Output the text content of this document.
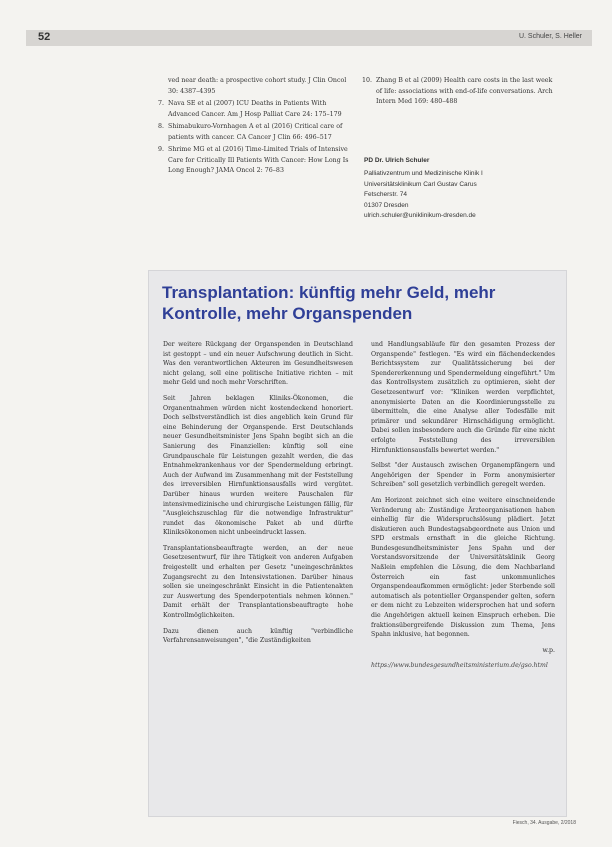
52	U. Schuler, S. Heller
ved near death: a prospective cohort study. J Clin Oncol 30: 4387–4395
7. Nava SE et al (2007) ICU Deaths in Patients With Advanced Cancer. Am J Hosp Palliat Care 24: 175–179
8. Shimabukuro-Vornhagen A et al (2016) Critical care of patients with cancer. CA Cancer J Clin 66: 496–517
9. Shrime MG et al (2016) Time-Limited Trials of Intensive Care for Critically Ill Patients With Cancer: How Long Is Long Enough? JAMA Oncol 2: 76–83
10. Zhang B et al (2009) Health care costs in the last week of life: associations with end-of-life conversations. Arch Intern Med 169: 480–488
PD Dr. Ulrich Schuler
Palliativzentrum und Medizinische Klinik I
Universitätsklinikum Carl Gustav Carus
Fetscherstr. 74
01307 Dresden
ulrich.schuler@uniklinikum-dresden.de
Transplantation: künftig mehr Geld, mehr Kontrolle, mehr Organspenden

Der weitere Rückgang der Organspenden in Deutschland ist gestoppt – und ein neuer Aufschwung deutlich in Sicht. Was den verantwortlichen Akteuren im Gesundheitswesen nicht gelang, soll eine politische Initiative richten – mit mehr Geld und noch mehr Vorschriften.

Seit Jahren beklagen Kliniks-Ökonomen, die Organentnahmen würden nicht kostendeckend honoriert. Doch selbstverständlich ist dies angeblich kein Grund für eine Behinderung der Organspende. Erst Deutschlands neuer Gesundheitsminister Jens Spahn begibt sich an die Sanierung des Finanziellen: künftig soll eine Grundpauschale für Leistungen gezahlt werden, die das Entnahmekrankenhaus vor der Spendermeldung erbringt. Auch der Aufwand im Zusammenhang mit der Feststellung des irreversiblen Hirnfunktionsausfalls wird vergütet. Darüber hinaus wurden weitere Pauschalen für intensivmedizinische und chirurgische Leistungen fällig, für "Ausgleichszuschlag für die notwendige Infrastruktur" rundet das ökonomische Paket ab und dürfte Kliniksökonomen nicht unbeeindruckt lassen.

Transplantationsbeauftragte werden, an der neue Gesetzesentwurf, für ihre Tätigkeit von anderen Aufgaben freigestellt und erhalten per Gesetz "uneingeschränktes Zugangsrecht zu den Intensivstationen. Darüber hinaus sollen sie uneingeschränkt Einsicht in die Patientenakten zur Auswertung des Spenderpotentials nehmen können." Damit erhält der Transplantationsbeauftragte hohe Kontrollmöglichkeiten.

Dazu dienen auch künftig "verbindliche Verfahrensanweisungen", "die Zuständigkeiten

und Handlungsabläufe für den gesamten Prozess der Organspende" festlegen. "Es wird ein flächendeckendes Berichtssystem zur Qualitätssicherung bei der Spendererkennung und Spendermeldung eingeführt." Um das Kontrollsystem zusätzlich zu optimieren, sieht der Gesetzesentwurf vor: "Kliniken werden verpflichtet, anonymisierte Daten an die Koordinierungsstelle zu übermitteln, die eine Analyse aller Todesfälle mit primärer und sekundärer Hirnschädigung ermöglicht. Dabei sollen insbesondere auch die Gründe für eine nicht erfolgte Feststellung des irreversiblen Hirnfunktionsausfalls bewertet werden."

Selbst "der Austausch zwischen Organempfängern und Angehörigen der Spender in Form anonymisierter Schreiben" soll gesetzlich verbindlich geregelt werden.

Am Horizont zeichnet sich eine weitere einschneidende Veränderung ab: Zuständige Ärzteorganisationen haben einhellig für die Widerspruchslösung plädiert. Jetzt diskutieren auch Bundestagsabgeordnete aus Union und SPD erstmals ernsthaft in die gleiche Richtung. Bundesgesundheitsminister Jens Spahn und der Vorstandsvorsitzende der Universitätsklinik Georg Naßlein empfehlen die Lösung, die dem Nachbarland Österreich ein fast unkommunliches Organspendeaufkommen ermöglicht: jeder Sterbende soll automatisch als potentieller Organspender gelten, sofern er dem nicht zu Lebzeiten widersprochen hat und sofern die Angehörigen aktuell keinen Einspruch erheben. Die fraktionsübergreifende Diskussion zum Thema, Jens Spahn inklusive, hat begonnen.

w.p.

https://www.bundesgesundheitsministerium.de/gso.html

Fiesch, 34. Ausgabe, 2/2018
